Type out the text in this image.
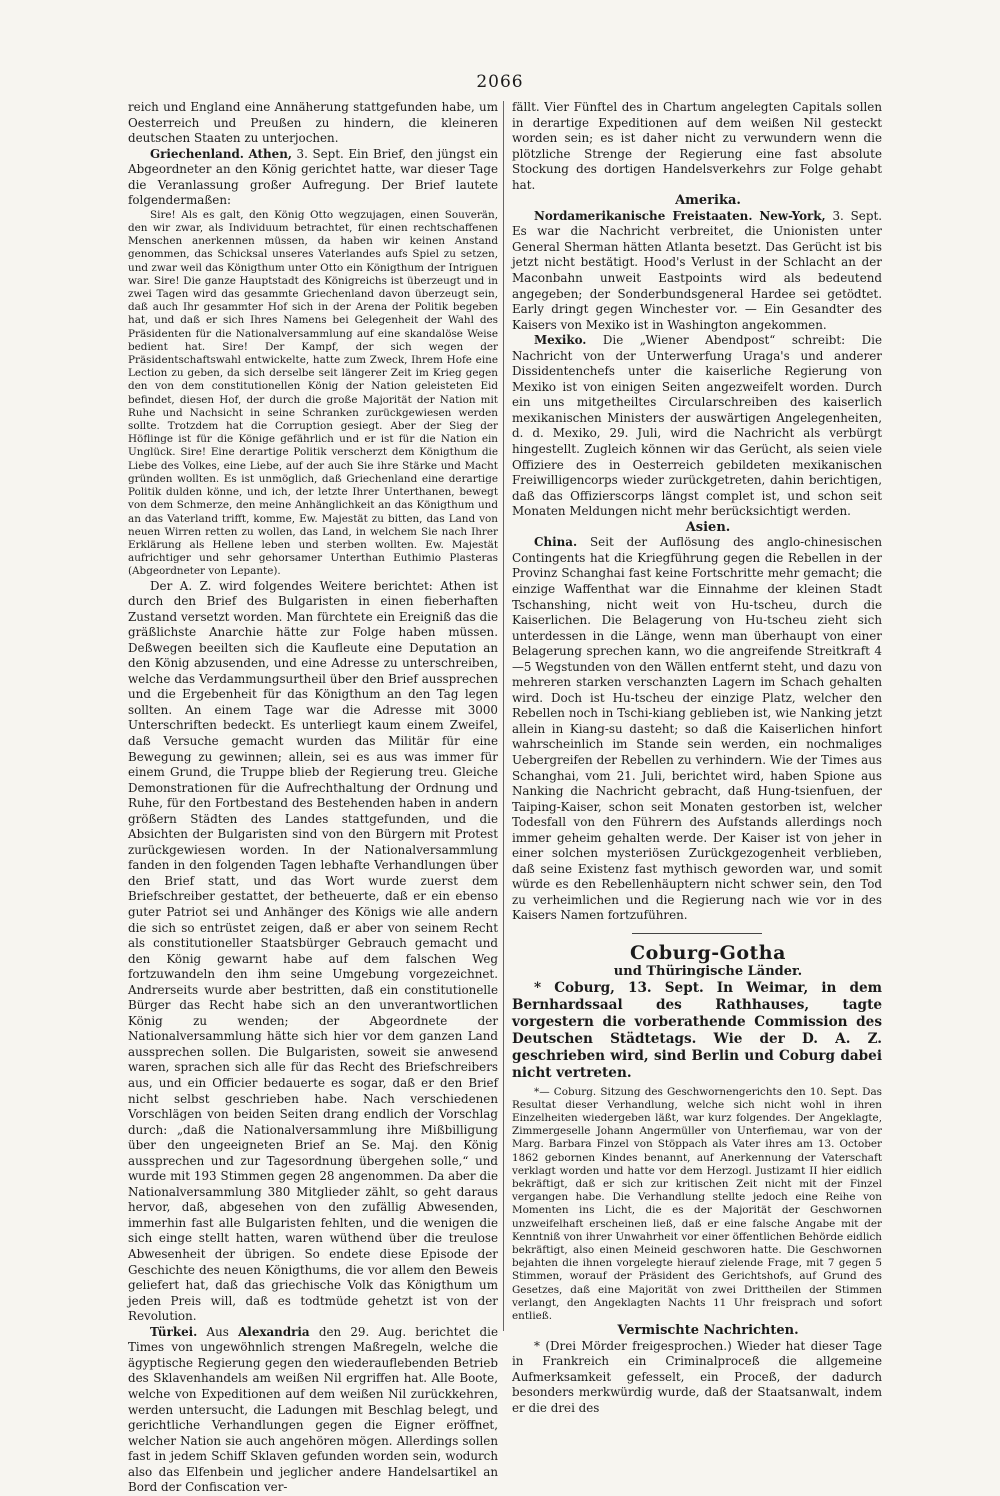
2066

reich und England eine Annäherung stattgefunden habe, um Oesterreich und Preußen zu hindern, die kleineren deutschen Staaten zu unterjochen.

Griechenland. Athen, 3. Sept. Ein Brief, den jüngst ein Abgeordneter an den König gerichtet hatte, war dieser Tage die Veranlassung großer Aufregung. Der Brief lautete folgendermaßen:

Sire! Als es galt, den König Otto wegzujagen, einen Souverän, den wir zwar, als Individuum betrachtet, für einen rechtschaffenen Menschen anerkennen müssen, da haben wir keinen Anstand genommen, das Schicksal unseres Vaterlandes aufs Spiel zu setzen, und zwar weil das Königthum unter Otto ein Königthum der Intriguen war. Sire! Die ganze Hauptstadt des Königreichs ist überzeugt und in zwei Tagen wird das gesammte Griechenland davon überzeugt sein, daß auch Ihr gesammter Hof sich in der Arena der Politik begeben hat, und daß er sich Ihres Namens bei Gelegenheit der Wahl des Präsidenten für die Nationalversammlung auf eine skandalöse Weise bedient hat. Sire! Der Kampf, der sich wegen der Präsidentschaftswahl entwickelte, hatte zum Zweck, Ihrem Hofe eine Lection zu geben, da sich derselbe seit längerer Zeit im Krieg gegen den von dem constitutionellen König der Nation geleisteten Eid befindet, diesen Hof, der durch die große Majorität der Nation mit Ruhe und Nachsicht in seine Schranken zurückgewiesen werden sollte. Trotzdem hat die Corruption gesiegt. Aber der Sieg der Höflinge ist für die Könige gefährlich und er ist für die Nation ein Unglück. Sire! Eine derartige Politik verscherzt dem Königthum die Liebe des Volkes, eine Liebe, auf der auch Sie ihre Stärke und Macht gründen wollten. Es ist unmöglich, daß Griechenland eine derartige Politik dulden könne, und ich, der letzte Ihrer Unterthanen, bewegt von dem Schmerze, den meine Anhänglichkeit an das Königthum und an das Vaterland trifft, komme, Ew. Majestät zu bitten, das Land von neuen Wirren retten zu wollen, das Land, in welchem Sie nach Ihrer Erklärung als Hellene leben und sterben wollten. Ew. Majestät aufrichtiger und sehr gehorsamer Unterthan Euthimio Plasteras (Abgeordneter von Lepante).

Der A. Z. wird folgendes Weitere berichtet: Athen ist durch den Brief des Bulgaristen in einen fieberhaften Zustand versetzt worden. Man fürchtete ein Ereigniß das die gräßlichste Anarchie hätte zur Folge haben müssen. Deßwegen beeilten sich die Kaufleute eine Deputation an den König abzusenden, und eine Adresse zu unterschreiben, welche das Verdammungsurtheil über den Brief aussprechen und die Ergebenheit für das Königthum an den Tag legen sollten. An einem Tage war die Adresse mit 3000 Unterschriften bedeckt. Es unterliegt kaum einem Zweifel, daß Versuche gemacht wurden das Militär für eine Bewegung zu gewinnen; allein, sei es aus was immer für einem Grund, die Truppe blieb der Regierung treu. Gleiche Demonstrationen für die Aufrechthaltung der Ordnung und Ruhe, für den Fortbestand des Bestehenden haben in andern größern Städten des Landes stattgefunden, und die Absichten der Bulgaristen sind von den Bürgern mit Protest zurückgewiesen worden. In der Nationalversammlung fanden in den folgenden Tagen lebhafte Verhandlungen über den Brief statt, und das Wort wurde zuerst dem Briefschreiber gestattet, der betheuerte, daß er ein ebenso guter Patriot sei und Anhänger des Königs wie alle andern die sich so entrüstet zeigen, daß er aber von seinem Recht als constitutioneller Staatsbürger Gebrauch gemacht und den König gewarnt habe auf dem falschen Weg fortzuwandeln den ihm seine Umgebung vorgezeichnet. Andrerseits wurde aber bestritten, daß ein constitutionelle Bürger das Recht habe sich an den unverantwortlichen König zu wenden; der Abgeordnete der Nationalversammlung hätte sich hier vor dem ganzen Land aussprechen sollen. Die Bulgaristen, soweit sie anwesend waren, sprachen sich alle für das Recht des Briefschreibers aus, und ein Officier bedauerte es sogar, daß er den Brief nicht selbst geschrieben habe. Nach verschiedenen Vorschlägen von beiden Seiten drang endlich der Vorschlag durch: „daß die Nationalversammlung ihre Mißbilligung über den ungeeigneten Brief an Se. Maj. den König aussprechen und zur Tagesordnung übergehen solle,“ und wurde mit 193 Stimmen gegen 28 angenommen. Da aber die Nationalversammlung 380 Mitglieder zählt, so geht daraus hervor, daß, abgesehen von den zufällig Abwesenden, immerhin fast alle Bulgaristen fehlten, und die wenigen die sich einge stellt hatten, waren wüthend über die treulose Abwesenheit der übrigen. So endete diese Episode der Geschichte des neuen Königthums, die vor allem den Beweis geliefert hat, daß das griechische Volk das Königthum um jeden Preis will, daß es todtmüde gehetzt ist von der Revolution.

Türkei. Aus Alexandria den 29. Aug. berichtet die Times von ungewöhnlich strengen Maßregeln, welche die ägyptische Regierung gegen den wiederauflebenden Betrieb des Sklavenhandels am weißen Nil ergriffen hat. Alle Boote, welche von Expeditionen auf dem weißen Nil zurückkehren, werden untersucht, die Ladungen mit Beschlag belegt, und gerichtliche Verhandlungen gegen die Eigner eröffnet, welcher Nation sie auch angehören mögen. Allerdings sollen fast in jedem Schiff Sklaven gefunden worden sein, wodurch also das Elfenbein und jeglicher andere Handelsartikel an Bord der Confiscation ver-

fällt. Vier Fünftel des in Chartum angelegten Capitals sollen in derartige Expeditionen auf dem weißen Nil gesteckt worden sein; es ist daher nicht zu verwundern wenn die plötzliche Strenge der Regierung eine fast absolute Stockung des dortigen Handelsverkehrs zur Folge gehabt hat.

Amerika.

Nordamerikanische Freistaaten. New-York, 3. Sept. Es war die Nachricht verbreitet, die Unionisten unter General Sherman hätten Atlanta besetzt. Das Gerücht ist bis jetzt nicht bestätigt. Hood's Verlust in der Schlacht an der Maconbahn unweit Eastpoints wird als bedeutend angegeben; der Sonderbundsgeneral Hardee sei getödtet. Early dringt gegen Winchester vor. — Ein Gesandter des Kaisers von Mexiko ist in Washington angekommen.

Mexiko. Die „Wiener Abendpost“ schreibt: Die Nachricht von der Unterwerfung Uraga's und anderer Dissidentenchefs unter die kaiserliche Regierung von Mexiko ist von einigen Seiten angezweifelt worden. Durch ein uns mitgetheiltes Circularschreiben des kaiserlich mexikanischen Ministers der auswärtigen Angelegenheiten, d. d. Mexiko, 29. Juli, wird die Nachricht als verbürgt hingestellt. Zugleich können wir das Gerücht, als seien viele Offiziere des in Oesterreich gebildeten mexikanischen Freiwilligencorps wieder zurückgetreten, dahin berichtigen, daß das Offizierscorps längst complet ist, und schon seit Monaten Meldungen nicht mehr berücksichtigt werden.

Asien.

China. Seit der Auflösung des anglo-chinesischen Contingents hat die Kriegführung gegen die Rebellen in der Provinz Schanghai fast keine Fortschritte mehr gemacht; die einzige Waffenthat war die Einnahme der kleinen Stadt Tschanshing, nicht weit von Hu-tscheu, durch die Kaiserlichen. Die Belagerung von Hu-tscheu zieht sich unterdessen in die Länge, wenn man überhaupt von einer Belagerung sprechen kann, wo die angreifende Streitkraft 4—5 Wegstunden von den Wällen entfernt steht, und dazu von mehreren starken verschanzten Lagern im Schach gehalten wird. Doch ist Hu-tscheu der einzige Platz, welcher den Rebellen noch in Tschi-kiang geblieben ist, wie Nanking jetzt allein in Kiang-su dasteht; so daß die Kaiserlichen hinfort wahrscheinlich im Stande sein werden, ein nochmaliges Uebergreifen der Rebellen zu verhindern. Wie der Times aus Schanghai, vom 21. Juli, berichtet wird, haben Spione aus Nanking die Nachricht gebracht, daß Hung-tsienfuen, der Taiping-Kaiser, schon seit Monaten gestorben ist, welcher Todesfall von den Führern des Aufstands allerdings noch immer geheim gehalten werde. Der Kaiser ist von jeher in einer solchen mysteriösen Zurückgezogenheit verblieben, daß seine Existenz fast mythisch geworden war, und somit würde es den Rebellenhäuptern nicht schwer sein, den Tod zu verheimlichen und die Regierung nach wie vor in des Kaisers Namen fortzuführen.

Coburg-Gotha

und Thüringische Länder.

* Coburg, 13. Sept. In Weimar, in dem Bernhardssaal des Rathhauses, tagte vorgestern die vorberathende Commission des Deutschen Städtetags. Wie der D. A. Z. geschrieben wird, sind Berlin und Coburg dabei nicht vertreten.

*— Coburg. Sitzung des Geschwornengerichts den 10. Sept. Das Resultat dieser Verhandlung, welche sich nicht wohl in ihren Einzelheiten wiedergeben läßt, war kurz folgendes. Der Angeklagte, Zimmergeselle Johann Angermüller von Unterfiemau, war von der Marg. Barbara Finzel von Stöppach als Vater ihres am 13. October 1862 gebornen Kindes benannt, auf Anerkennung der Vaterschaft verklagt worden und hatte vor dem Herzogl. Justizamt II hier eidlich bekräftigt, daß er sich zur kritischen Zeit nicht mit der Finzel vergangen habe. Die Verhandlung stellte jedoch eine Reihe von Momenten ins Licht, die es der Majorität der Geschwornen unzweifelhaft erscheinen ließ, daß er eine falsche Angabe mit der Kenntniß von ihrer Unwahrheit vor einer öffentlichen Behörde eidlich bekräftigt, also einen Meineid geschworen hatte. Die Geschwornen bejahten die ihnen vorgelegte hierauf zielende Frage, mit 7 gegen 5 Stimmen, worauf der Präsident des Gerichtshofs, auf Grund des Gesetzes, daß eine Majorität von zwei Drittheilen der Stimmen verlangt, den Angeklagten Nachts 11 Uhr freisprach und sofort entließ.

Vermischte Nachrichten.

* (Drei Mörder freigesprochen.) Wieder hat dieser Tage in Frankreich ein Criminalproceß die allgemeine Aufmerksamkeit gefesselt, ein Proceß, der dadurch besonders merkwürdig wurde, daß der Staatsanwalt, indem er die drei des
